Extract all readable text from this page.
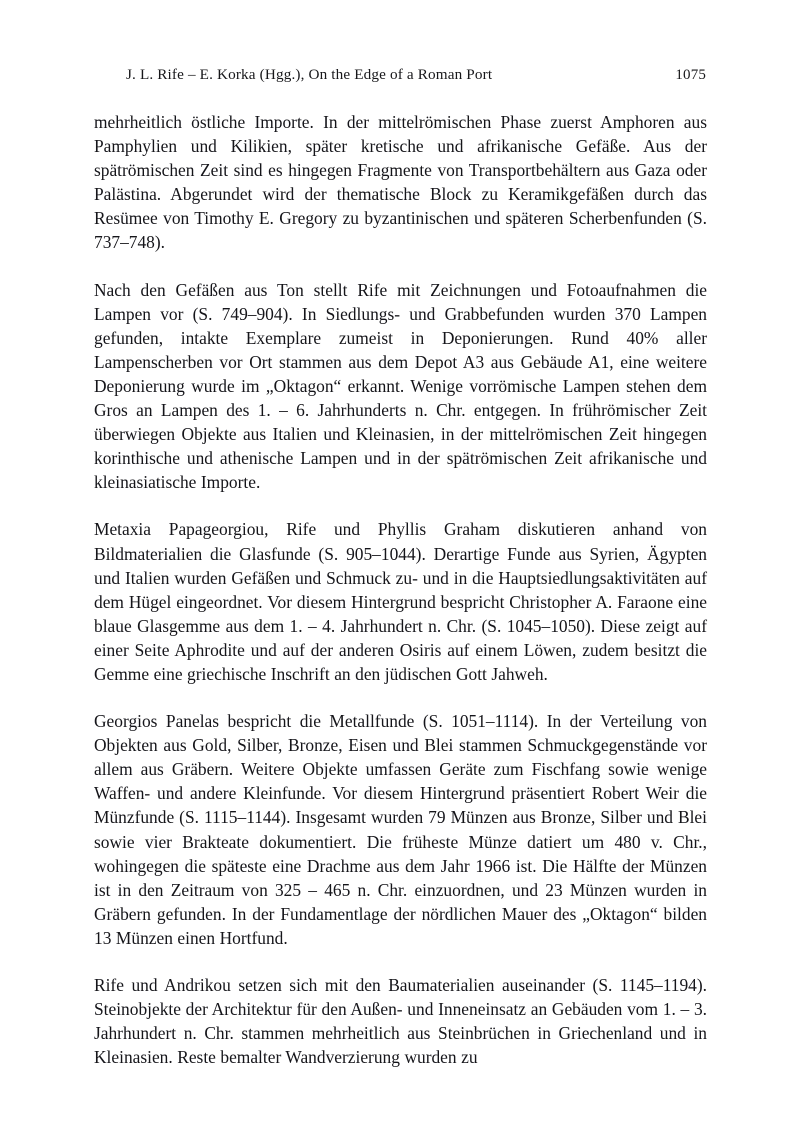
J. L. Rife – E. Korka (Hgg.), On the Edge of a Roman Port	1075

mehrheitlich östliche Importe. In der mittelrömischen Phase zuerst Amphoren aus Pamphylien und Kilikien, später kretische und afrikanische Gefäße. Aus der spätrömischen Zeit sind es hingegen Fragmente von Transportbehältern aus Gaza oder Palästina. Abgerundet wird der thematische Block zu Keramikgefäßen durch das Resümee von Timothy E. Gregory zu byzantinischen und späteren Scherbenfunden (S. 737–748).

Nach den Gefäßen aus Ton stellt Rife mit Zeichnungen und Fotoaufnahmen die Lampen vor (S. 749–904). In Siedlungs- und Grabbefunden wurden 370 Lampen gefunden, intakte Exemplare zumeist in Deponierungen. Rund 40% aller Lampenscherben vor Ort stammen aus dem Depot A3 aus Gebäude A1, eine weitere Deponierung wurde im „Oktagon“ erkannt. Wenige vorrömische Lampen stehen dem Gros an Lampen des 1. – 6. Jahrhunderts n. Chr. entgegen. In frührömischer Zeit überwiegen Objekte aus Italien und Kleinasien, in der mittelrömischen Zeit hingegen korinthische und athenische Lampen und in der spätrömischen Zeit afrikanische und kleinasiatische Importe.

Metaxia Papageorgiou, Rife und Phyllis Graham diskutieren anhand von Bildmaterialien die Glasfunde (S. 905–1044). Derartige Funde aus Syrien, Ägypten und Italien wurden Gefäßen und Schmuck zu- und in die Hauptsiedlungsaktivitäten auf dem Hügel eingeordnet. Vor diesem Hintergrund bespricht Christopher A. Faraone eine blaue Glasgemme aus dem 1. – 4. Jahrhundert n. Chr. (S. 1045–1050). Diese zeigt auf einer Seite Aphrodite und auf der anderen Osiris auf einem Löwen, zudem besitzt die Gemme eine griechische Inschrift an den jüdischen Gott Jahweh.

Georgios Panelas bespricht die Metallfunde (S. 1051–1114). In der Verteilung von Objekten aus Gold, Silber, Bronze, Eisen und Blei stammen Schmuckgegenstände vor allem aus Gräbern. Weitere Objekte umfassen Geräte zum Fischfang sowie wenige Waffen- und andere Kleinfunde. Vor diesem Hintergrund präsentiert Robert Weir die Münzfunde (S. 1115–1144). Insgesamt wurden 79 Münzen aus Bronze, Silber und Blei sowie vier Brakteate dokumentiert. Die früheste Münze datiert um 480 v. Chr., wohingegen die späteste eine Drachme aus dem Jahr 1966 ist. Die Hälfte der Münzen ist in den Zeitraum von 325 – 465 n. Chr. einzuordnen, und 23 Münzen wurden in Gräbern gefunden. In der Fundamentlage der nördlichen Mauer des „Oktagon“ bilden 13 Münzen einen Hortfund.

Rife und Andrikou setzen sich mit den Baumaterialien auseinander (S. 1145–1194). Steinobjekte der Architektur für den Außen- und Inneneinsatz an Gebäuden vom 1. – 3. Jahrhundert n. Chr. stammen mehrheitlich aus Steinbrüchen in Griechenland und in Kleinasien. Reste bemalter Wandverzierung wurden zu
